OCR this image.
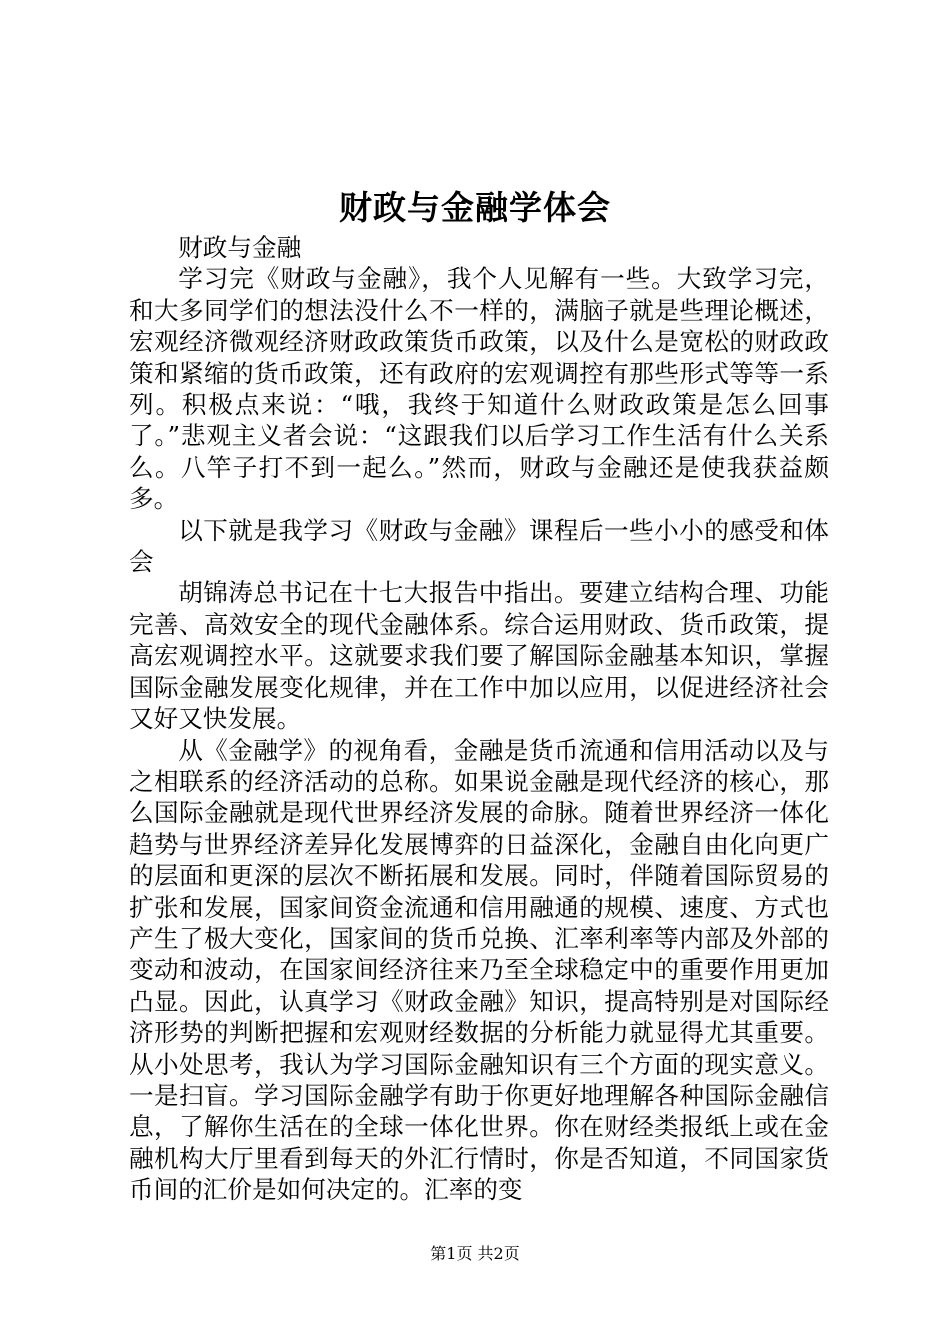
财政与金融学体会

财政与金融

学习完《财政与金融》，我个人见解有一些。大致学习完，和大多同学们的想法没什么不一样的，满脑子就是些理论概述，宏观经济微观经济财政政策货币政策，以及什么是宽松的财政政策和紧缩的货币政策，还有政府的宏观调控有那些形式等等一系列。积极点来说：“哦，我终于知道什么财政政策是怎么回事了。”悲观主义者会说：“这跟我们以后学习工作生活有什么关系么。八竿子打不到一起么。”然而，财政与金融还是使我获益颇多。

以下就是我学习《财政与金融》课程后一些小小的感受和体会

胡锦涛总书记在十七大报告中指出。要建立结构合理、功能完善、高效安全的现代金融体系。综合运用财政、货币政策，提高宏观调控水平。这就要求我们要了解国际金融基本知识，掌握国际金融发展变化规律，并在工作中加以应用，以促进经济社会又好又快发展。

从《金融学》的视角看，金融是货币流通和信用活动以及与之相联系的经济活动的总称。如果说金融是现代经济的核心，那么国际金融就是现代世界经济发展的命脉。随着世界经济一体化趋势与世界经济差异化发展博弈的日益深化，金融自由化向更广的层面和更深的层次不断拓展和发展。同时，伴随着国际贸易的扩张和发展，国家间资金流通和信用融通的规模、速度、方式也产生了极大变化，国家间的货币兑换、汇率利率等内部及外部的变动和波动，在国家间经济往来乃至全球稳定中的重要作用更加凸显。因此，认真学习《财政金融》知识，提高特别是对国际经济形势的判断把握和宏观财经数据的分析能力就显得尤其重要。从小处思考，我认为学习国际金融知识有三个方面的现实意义。一是扫盲。学习国际金融学有助于你更好地理解各种国际金融信息，了解你生活在的全球一体化世界。你在财经类报纸上或在金融机构大厅里看到每天的外汇行情时，你是否知道，不同国家货币间的汇价是如何决定的。汇率的变

第1页 共2页
